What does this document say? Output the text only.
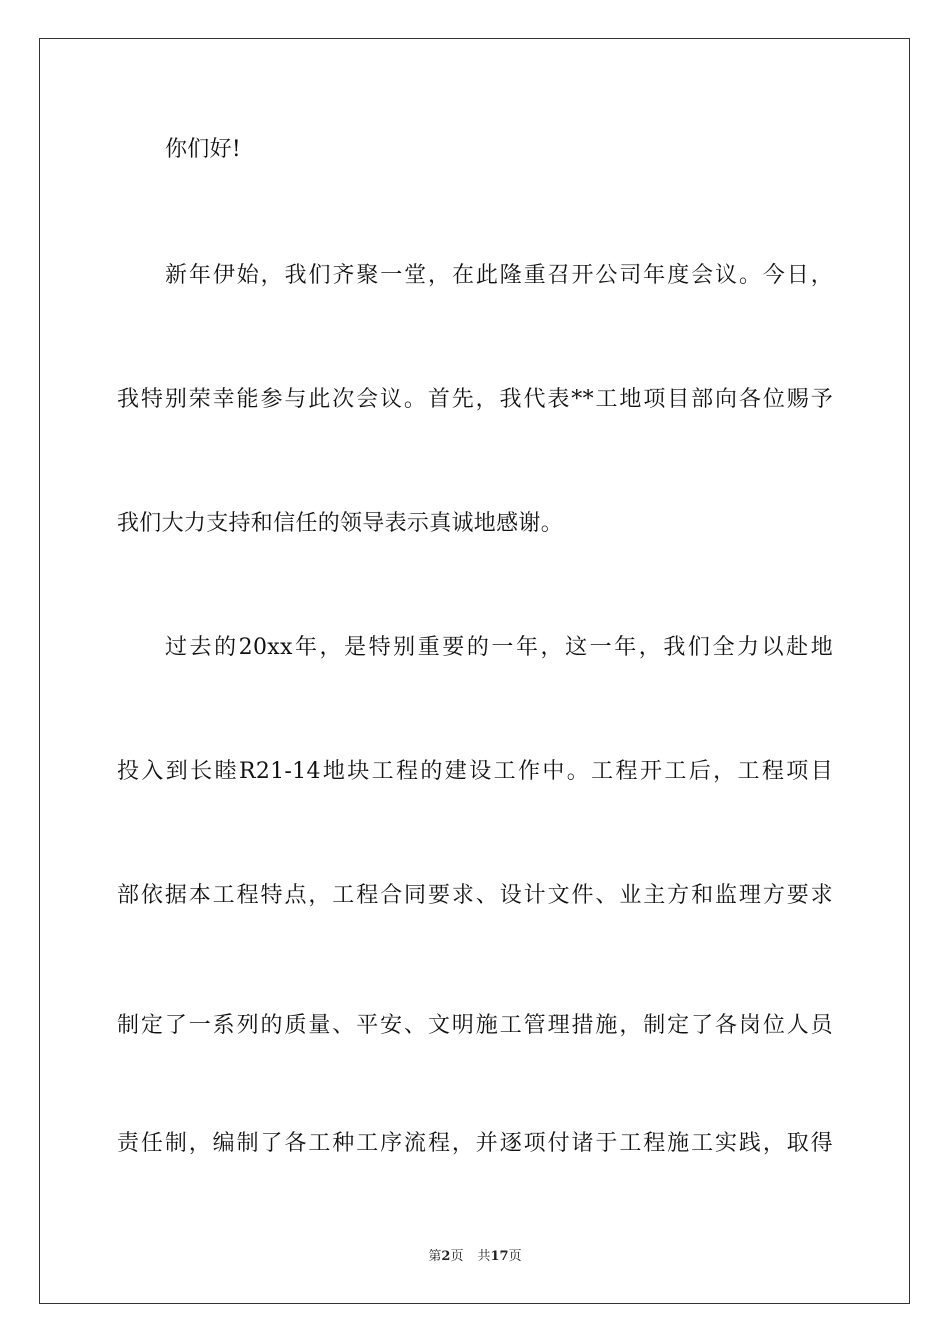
你们好!
新年伊始，我们齐聚一堂，在此隆重召开公司年度会议。今日，
我特别荣幸能参与此次会议。首先，我代表**工地项目部向各位赐予
我们大力支持和信任的领导表示真诚地感谢。
过去的20xx年，是特别重要的一年，这一年，我们全力以赴地
投入到长睦R21-14地块工程的建设工作中。工程开工后，工程项目
部依据本工程特点，工程合同要求、设计文件、业主方和监理方要求
制定了一系列的质量、平安、文明施工管理措施，制定了各岗位人员
责任制，编制了各工种工序流程，并逐项付诸于工程施工实践，取得
第2页 共17页
